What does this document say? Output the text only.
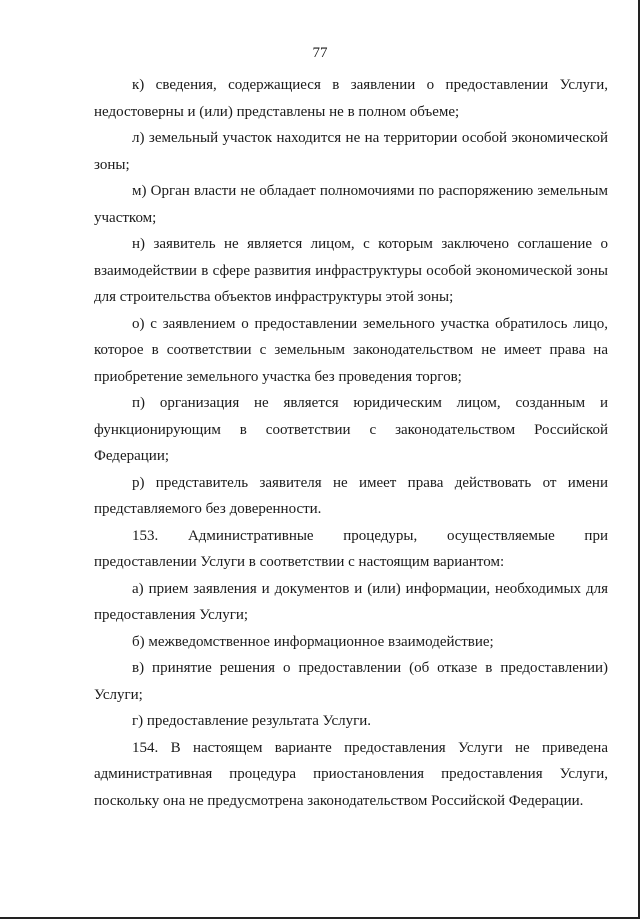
77

к) сведения, содержащиеся в заявлении о предоставлении Услуги, недостоверны и (или) представлены не в полном объеме;

л) земельный участок находится не на территории особой экономической зоны;

м) Орган власти не обладает полномочиями по распоряжению земельным участком;

н) заявитель не является лицом, с которым заключено соглашение о взаимодействии в сфере развития инфраструктуры особой экономической зоны для строительства объектов инфраструктуры этой зоны;

о) с заявлением о предоставлении земельного участка обратилось лицо, которое в соответствии с земельным законодательством не имеет права на приобретение земельного участка без проведения торгов;

п) организация не является юридическим лицом, созданным и функционирующим в соответствии с законодательством Российской Федерации;

р) представитель заявителя не имеет права действовать от имени представляемого без доверенности.

153. Административные процедуры, осуществляемые при предоставлении Услуги в соответствии с настоящим вариантом:

а) прием заявления и документов и (или) информации, необходимых для предоставления Услуги;

б) межведомственное информационное взаимодействие;

в) принятие решения о предоставлении (об отказе в предоставлении) Услуги;

г) предоставление результата Услуги.

154. В настоящем варианте предоставления Услуги не приведена административная процедура приостановления предоставления Услуги, поскольку она не предусмотрена законодательством Российской Федерации.
